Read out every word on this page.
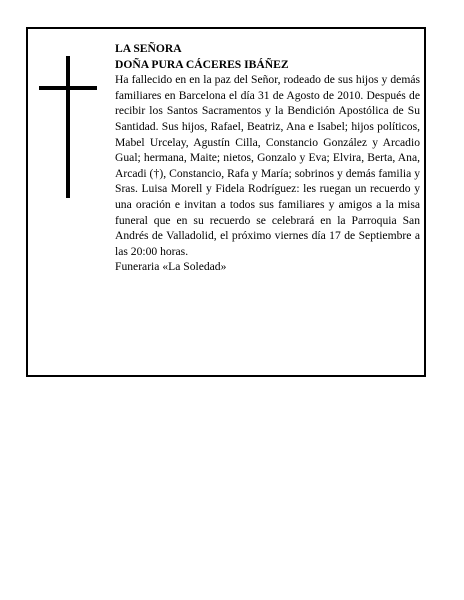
LA SEÑORA
DOÑA PURA CÁCERES IBÁÑEZ

Ha fallecido en en la paz del Señor, rodeado de sus hijos y demás familiares en Barcelona el día 31 de Agosto de 2010. Después de recibir los Santos Sacramentos y la Bendición Apostólica de Su Santidad. Sus hijos, Rafael, Beatriz, Ana e Isabel; hijos políticos, Mabel Urcelay, Agustín Cilla, Constancio González y Arcadio Gual; hermana, Maite; nietos, Gonzalo y Eva; Elvira, Berta, Ana, Arcadi (†), Constancio, Rafa y María; sobrinos y demás familia y Sras. Luisa Morell y Fidela Rodríguez: les ruegan un recuerdo y una oración e invitan a todos sus familiares y amigos a la misa funeral que en su recuerdo se celebrará en la Parroquia San Andrés de Valladolid, el próximo viernes día 17 de Septiembre a las 20:00 horas.

Funeraria «La Soledad»
